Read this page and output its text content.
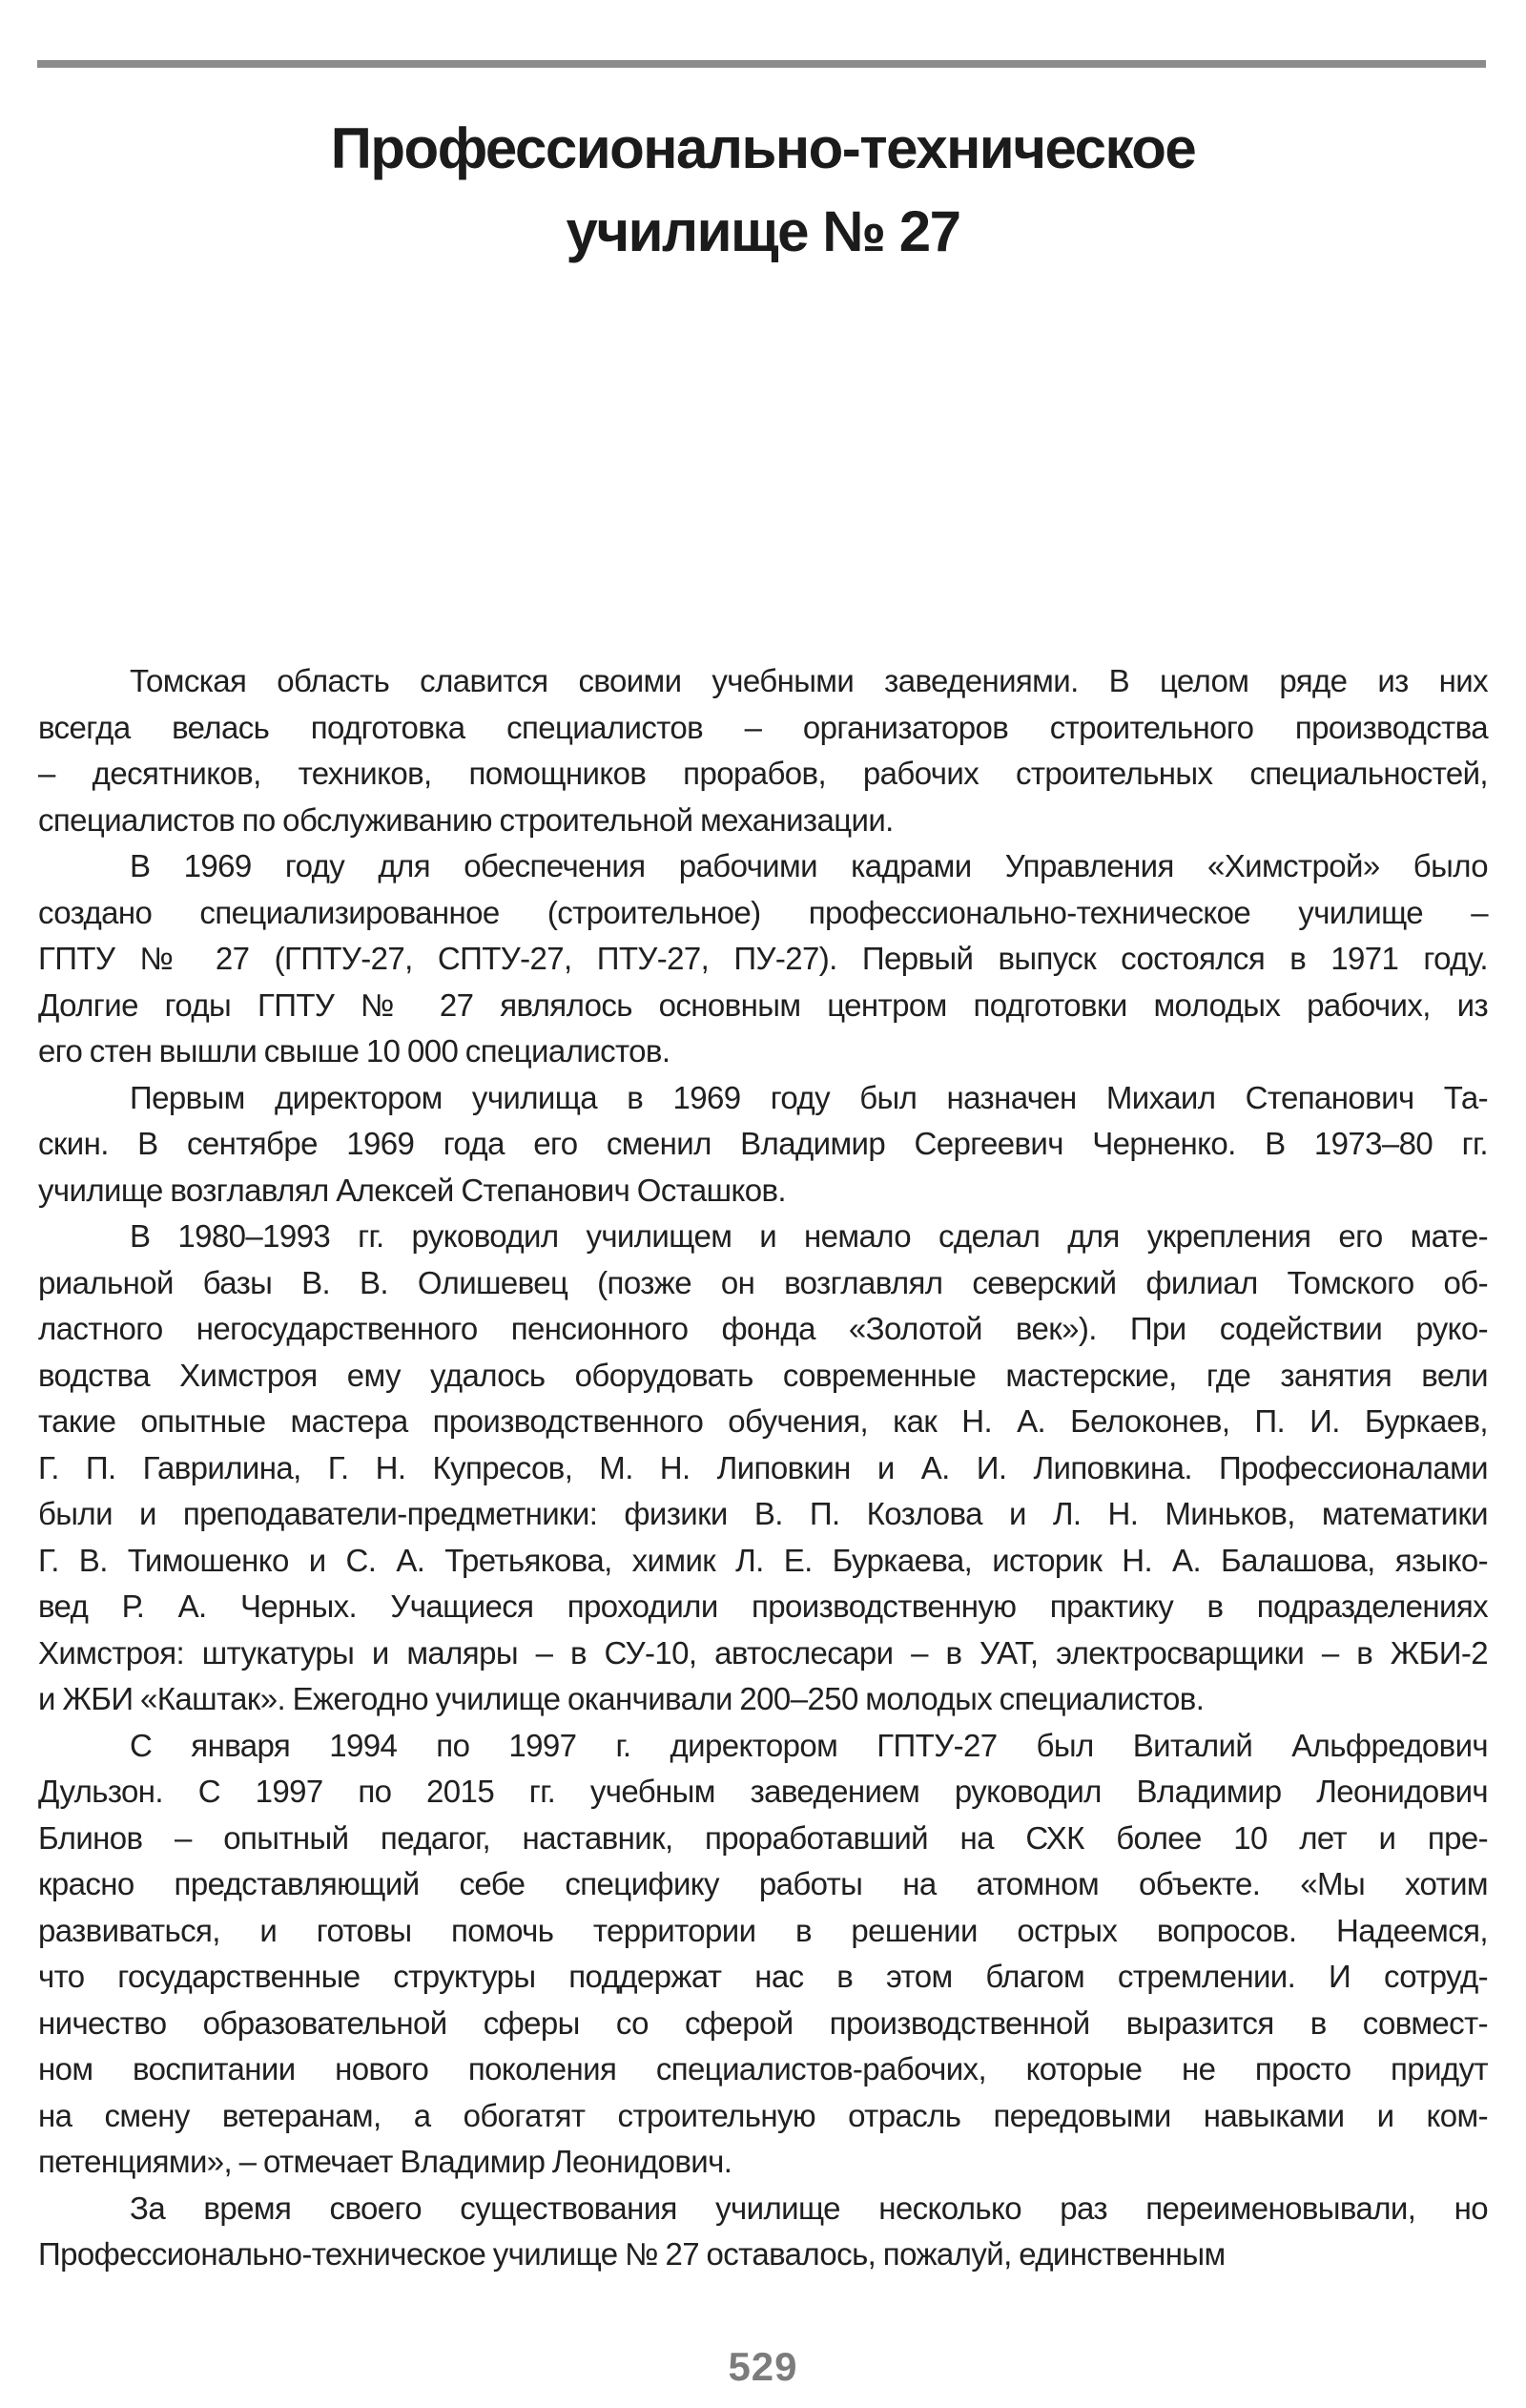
Профессионально-техническое
училище № 27
Томская область славится своими учебными заведениями. В целом ряде из них
всегда велась подготовка специалистов – организаторов строительного производства
– десятников, техников, помощников прорабов, рабочих строительных специальностей,
специалистов по обслуживанию строительной механизации.
В 1969 году для обеспечения рабочими кадрами Управления «Химстрой» было
создано специализированное (строительное) профессионально-техническое училище –
ГПТУ № 27 (ГПТУ-27, СПТУ-27, ПТУ-27, ПУ-27). Первый выпуск состоялся в 1971 году.
Долгие годы ГПТУ № 27 являлось основным центром подготовки молодых рабочих, из
его стен вышли свыше 10 000 специалистов.
Первым директором училища в 1969 году был назначен Михаил Степанович Та-
скин. В сентябре 1969 года его сменил Владимир Сергеевич Черненко. В 1973–80 гг.
училище возглавлял Алексей Степанович Осташков.
В 1980–1993 гг. руководил училищем и немало сделал для укрепления его мате-
риальной базы В. В. Олишевец (позже он возглавлял северский филиал Томского об-
ластного негосударственного пенсионного фонда «Золотой век»). При содействии руко-
водства Химстроя ему удалось оборудовать современные мастерские, где занятия вели
такие опытные мастера производственного обучения, как Н. А. Белоконев, П. И. Буркаев,
Г. П. Гаврилина, Г. Н. Купресов, М. Н. Липовкин и А. И. Липовкина. Профессионалами
были и преподаватели-предметники: физики В. П. Козлова и Л. Н. Миньков, математики
Г. В. Тимошенко и С. А. Третьякова, химик Л. Е. Буркаева, историк Н. А. Балашова, языко-
вед Р. А. Черных. Учащиеся проходили производственную практику в подразделениях
Химстроя: штукатуры и маляры – в СУ-10, автослесари – в УАТ, электросварщики – в ЖБИ-2
и ЖБИ «Каштак». Ежегодно училище оканчивали 200–250 молодых специалистов.
С января 1994 по 1997 г. директором ГПТУ-27 был Виталий Альфредович
Дульзон. С 1997 по 2015 гг. учебным заведением руководил Владимир Леонидович
Блинов – опытный педагог, наставник, проработавший на СХК более 10 лет и пре-
красно представляющий себе специфику работы на атомном объекте. «Мы хотим
развиваться, и готовы помочь территории в решении острых вопросов. Надеемся,
что государственные структуры поддержат нас в этом благом стремлении. И сотруд-
ничество образовательной сферы со сферой производственной выразится в совмест-
ном воспитании нового поколения специалистов-рабочих, которые не просто придут
на смену ветеранам, а обогатят строительную отрасль передовыми навыками и ком-
петенциями», – отмечает Владимир Леонидович.
За время своего существования училище несколько раз переименовывали, но
Профессионально-техническое училище № 27 оставалось, пожалуй, единственным
529
